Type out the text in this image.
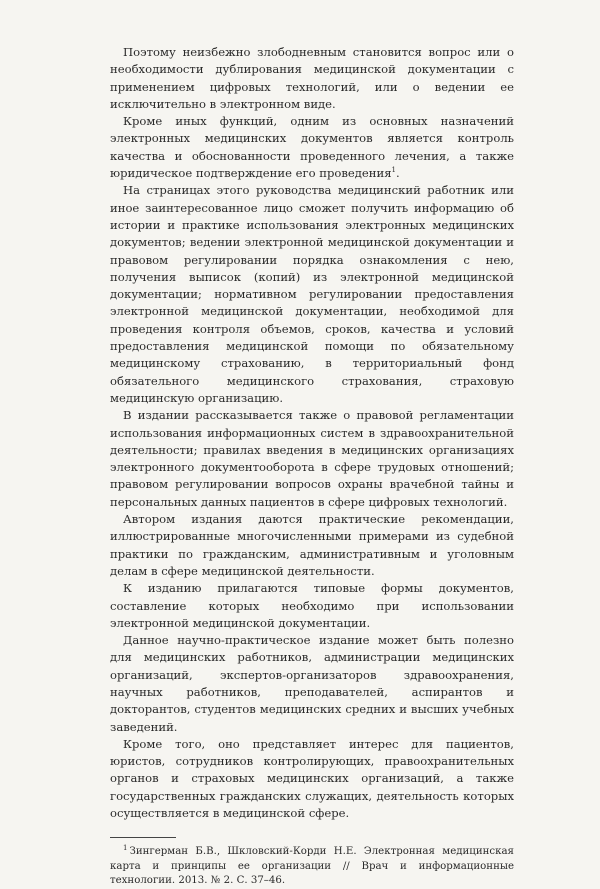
Поэтому неизбежно злободневным становится вопрос или о необходимости дублирования медицинской документации с применением цифровых технологий, или о ведении ее исключительно в электронном виде.

Кроме иных функций, одним из основных назначений электронных медицинских документов является контроль качества и обоснованности проведенного лечения, а также юридическое подтверждение его проведения$^1$.

На страницах этого руководства медицинский работник или иное заинтересованное лицо сможет получить информацию об истории и практике использования электронных медицинских документов; ведении электронной медицинской документации и правовом регулировании порядка ознакомления с нею, получения выписок (копий) из электронной медицинской документации; нормативном регулировании предоставления электронной медицинской документации, необходимой для проведения контроля объемов, сроков, качества и условий предоставления медицинской помощи по обязательному медицинскому страхованию, в территориальный фонд обязательного медицинского страхования, страховую медицинскую организацию.

В издании рассказывается также о правовой регламентации использования информационных систем в здравоохранительной деятельности; правилах введения в медицинских организациях электронного документооборота в сфере трудовых отношений; правовом регулировании вопросов охраны врачебной тайны и персональных данных пациентов в сфере цифровых технологий.

Автором издания даются практические рекомендации, иллюстрированные многочисленными примерами из судебной практики по гражданским, административным и уголовным делам в сфере медицинской деятельности.

К изданию прилагаются типовые формы документов, составление которых необходимо при использовании электронной медицинской документации.

Данное научно-практическое издание может быть полезно для медицинских работников, администрации медицинских организаций, экспертов-организаторов здравоохранения, научных работников, преподавателей, аспирантов и докторантов, студентов медицинских средних и высших учебных заведений.

Кроме того, оно представляет интерес для пациентов, юристов, сотрудников контролирующих, правоохранительных органов и страховых медицинских организаций, а также государственных гражданских служащих, деятельность которых осуществляется в медицинской сфере.

$^1$ Зингерман Б.В., Шкловский-Корди Н.Е. Электронная медицинская карта и принципы ее организации // Врач и информационные технологии. 2013. № 2. С. 37–46.
